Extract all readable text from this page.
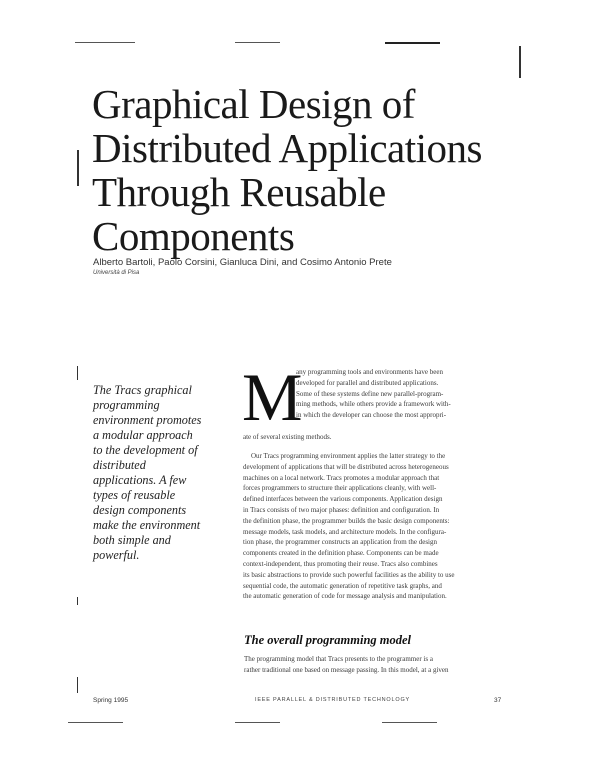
Graphical Design of
Distributed Applications
Through Reusable
Components
Alberto Bartoli, Paolo Corsini, Gianluca Dini, and Cosimo Antonio Prete
Università di Pisa
The Tracs graphical
programming
environment promotes
a modular approach
to the development of
distributed
applications. A few
types of reusable
design components
make the environment
both simple and
powerful.
M
any programming tools and environments have been
developed for parallel and distributed applications.
Some of these systems define new parallel-program-
ming methods, while others provide a framework with-
in which the developer can choose the most appropri-
ate of several existing methods.
Our Tracs programming environment applies the latter strategy to the
development of applications that will be distributed across heterogeneous
machines on a local network. Tracs promotes a modular approach that
forces programmers to structure their applications cleanly, with well-
defined interfaces between the various components. Application design
in Tracs consists of two major phases: definition and configuration. In
the definition phase, the programmer builds the basic design components:
message models, task models, and architecture models. In the configura-
tion phase, the programmer constructs an application from the design
components created in the definition phase. Components can be made
context-independent, thus promoting their reuse. Tracs also combines
its basic abstractions to provide such powerful facilities as the ability to use
sequential code, the automatic generation of repetitive task graphs, and
the automatic generation of code for message analysis and manipulation.
The overall programming model
The programming model that Tracs presents to the programmer is a
rather traditional one based on message passing. In this model, at a given
Spring 1995	IEEE PARALLEL & DISTRIBUTED TECHNOLOGY	37
